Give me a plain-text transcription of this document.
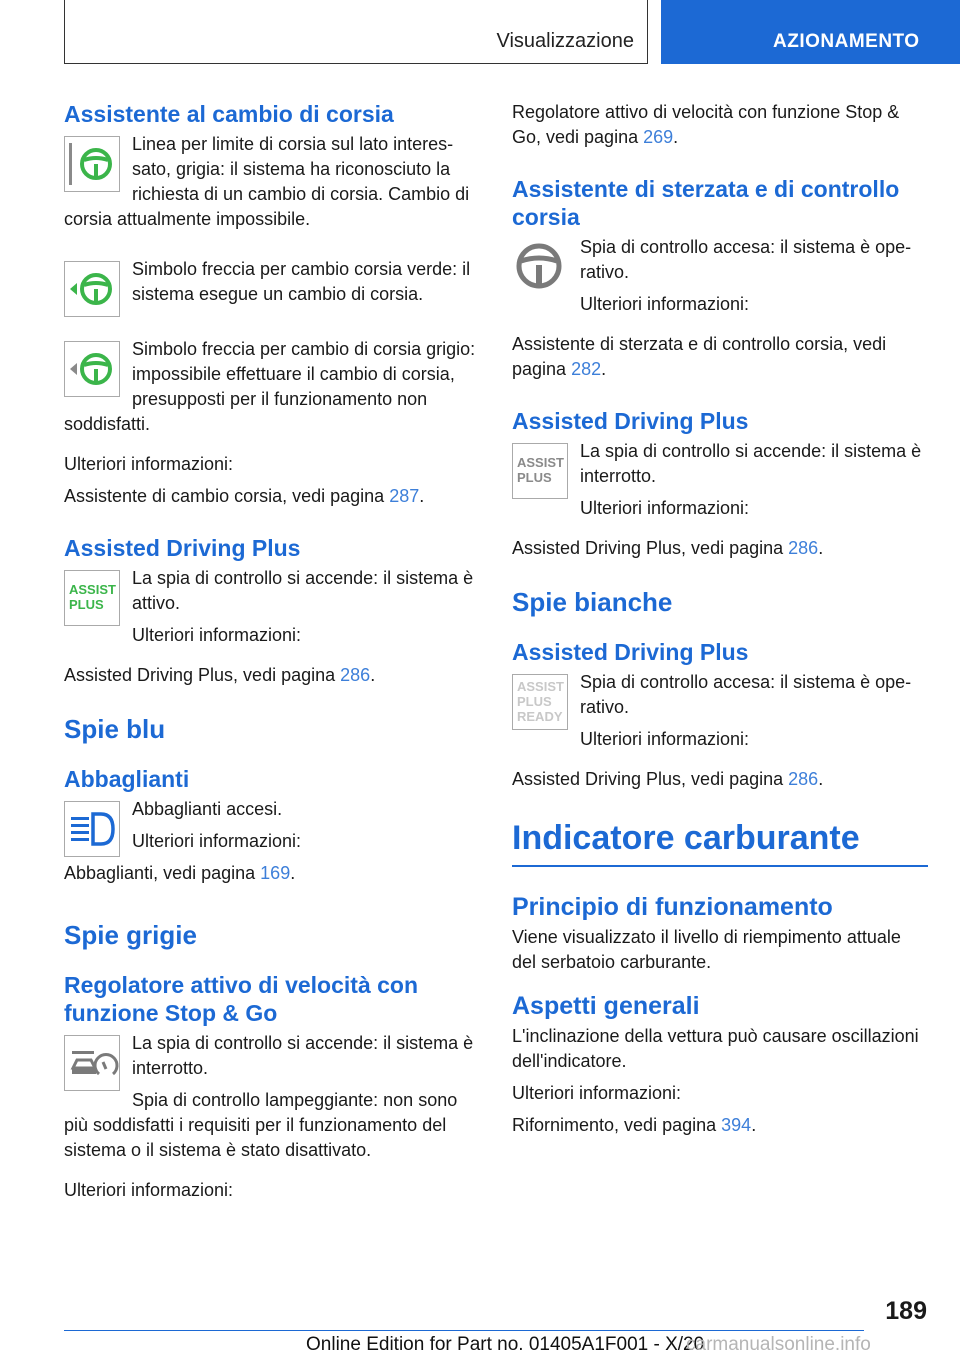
Visualizzazione	AZIONAMENTO
Assistente al cambio di corsia

Linea per limite di corsia sul lato interessato, grigia: il sistema ha riconosciuto la richiesta di un cambio di corsia. Cambio di corsia attualmente impossibile.

Simbolo freccia per cambio corsia verde: il sistema esegue un cambio di corsia.

Simbolo freccia per cambio di corsia grigio: impossibile effettuare il cambio di corsia, presupposti per il funzionamento non soddisfatti.

Ulteriori informazioni:

Assistente di cambio corsia, vedi pagina 287.

Assisted Driving Plus
ASSIST
PLUS

La spia di controllo si accende: il sistema è attivo.

Ulteriori informazioni:

Assisted Driving Plus, vedi pagina 286.

Spie blu
Abbaglianti

Abbaglianti accesi.

Ulteriori informazioni:

Abbaglianti, vedi pagina 169.

Spie grigie
Regolatore attivo di velocità con funzione Stop & Go

La spia di controllo si accende: il sistema è interrotto.

Spia di controllo lampeggiante: non sono più soddisfatti i requisiti per il funzionamento del sistema o il sistema è stato disattivato.

Ulteriori informazioni:

Regolatore attivo di velocità con funzione Stop & Go, vedi pagina 269.

Assistente di sterzata e di controllo corsia

Spia di controllo accesa: il sistema è operativo.

Ulteriori informazioni:

Assistente di sterzata e di controllo corsia, vedi pagina 282.

Assisted Driving Plus
ASSIST
PLUS

La spia di controllo si accende: il sistema è interrotto.

Ulteriori informazioni:

Assisted Driving Plus, vedi pagina 286.

Spie bianche
Assisted Driving Plus
ASSIST
PLUS
READY

Spia di controllo accesa: il sistema è operativo.

Ulteriori informazioni:

Assisted Driving Plus, vedi pagina 286.

Indicatore carburante
Principio di funzionamento

Viene visualizzato il livello di riempimento attuale del serbatoio carburante.

Aspetti generali

L'inclinazione della vettura può causare oscillazioni dell'indicatore.

Ulteriori informazioni:

Rifornimento, vedi pagina 394.

189
Online Edition for Part no. 01405A1F001 - X/20
carmanualsonline.info
